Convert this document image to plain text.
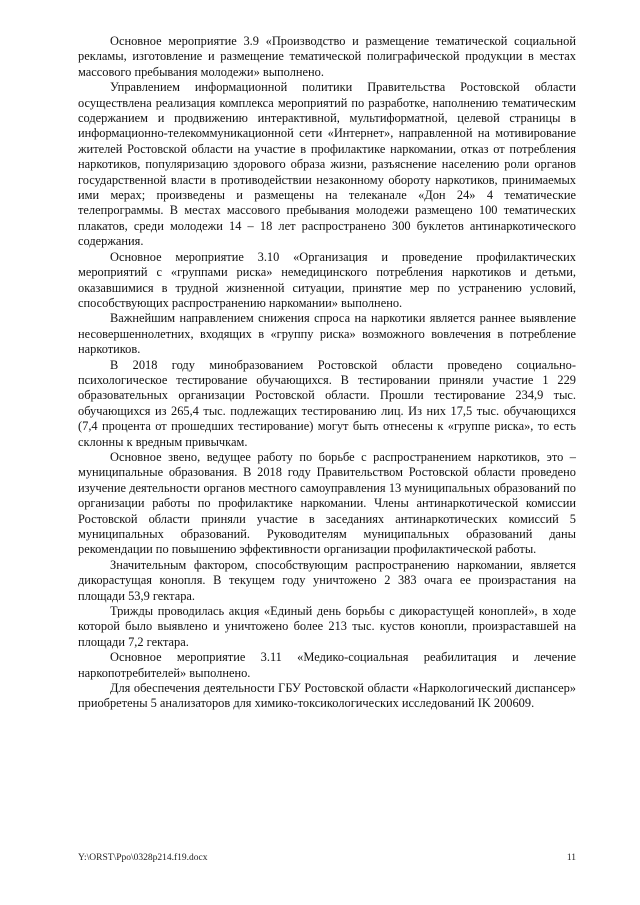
Основное мероприятие 3.9 «Производство и размещение тематической социальной рекламы, изготовление и размещение тематической полиграфической продукции в местах массового пребывания молодежи» выполнено.

Управлением информационной политики Правительства Ростовской области осуществлена реализация комплекса мероприятий по разработке, наполнению тематическим содержанием и продвижению интерактивной, мультиформатной, целевой страницы в информационно-телекоммуникационной сети «Интернет», направленной на мотивирование жителей Ростовской области на участие в профилактике наркомании, отказ от потребления наркотиков, популяризацию здорового образа жизни, разъяснение населению роли органов государственной власти в противодействии незаконному обороту наркотиков, принимаемых ими мерах; произведены и размещены на телеканале «Дон 24» 4 тематические телепрограммы. В местах массового пребывания молодежи размещено 100 тематических плакатов, среди молодежи 14 – 18 лет распространено 300 буклетов антинаркотического содержания.

Основное мероприятие 3.10 «Организация и проведение профилактических мероприятий с «группами риска» немедицинского потребления наркотиков и детьми, оказавшимися в трудной жизненной ситуации, принятие мер по устранению условий, способствующих распространению наркомании» выполнено.

Важнейшим направлением снижения спроса на наркотики является раннее выявление несовершеннолетних, входящих в «группу риска» возможного вовлечения в потребление наркотиков.

В 2018 году минобразованием Ростовской области проведено социально-психологическое тестирование обучающихся. В тестировании приняли участие 1 229 образовательных организации Ростовской области. Прошли тестирование 234,9 тыс. обучающихся из 265,4 тыс. подлежащих тестированию лиц. Из них 17,5 тыс. обучающихся (7,4 процента от прошедших тестирование) могут быть отнесены к «группе риска», то есть склонны к вредным привычкам.

Основное звено, ведущее работу по борьбе с распространением наркотиков, это – муниципальные образования. В 2018 году Правительством Ростовской области проведено изучение деятельности органов местного самоуправления 13 муниципальных образований по организации работы по профилактике наркомании. Члены антинаркотической комиссии Ростовской области приняли участие в заседаниях антинаркотических комиссий 5 муниципальных образований. Руководителям муниципальных образований даны рекомендации по повышению эффективности организации профилактической работы.

Значительным фактором, способствующим распространению наркомании, является дикорастущая конопля. В текущем году уничтожено 2 383 очага ее произрастания на площади 53,9 гектара.

Трижды проводилась акция «Единый день борьбы с дикорастущей коноплей», в ходе которой было выявлено и уничтожено более 213 тыс. кустов конопли, произраставшей на площади 7,2 гектара.

Основное мероприятие 3.11 «Медико-социальная реабилитация и лечение наркопотребителей» выполнено.

Для обеспечения деятельности ГБУ Ростовской области «Наркологический диспансер» приобретены 5 анализаторов для химико-токсикологических исследований IK 200609.

Y:\ORST\Ppo\0328p214.f19.docx	11
